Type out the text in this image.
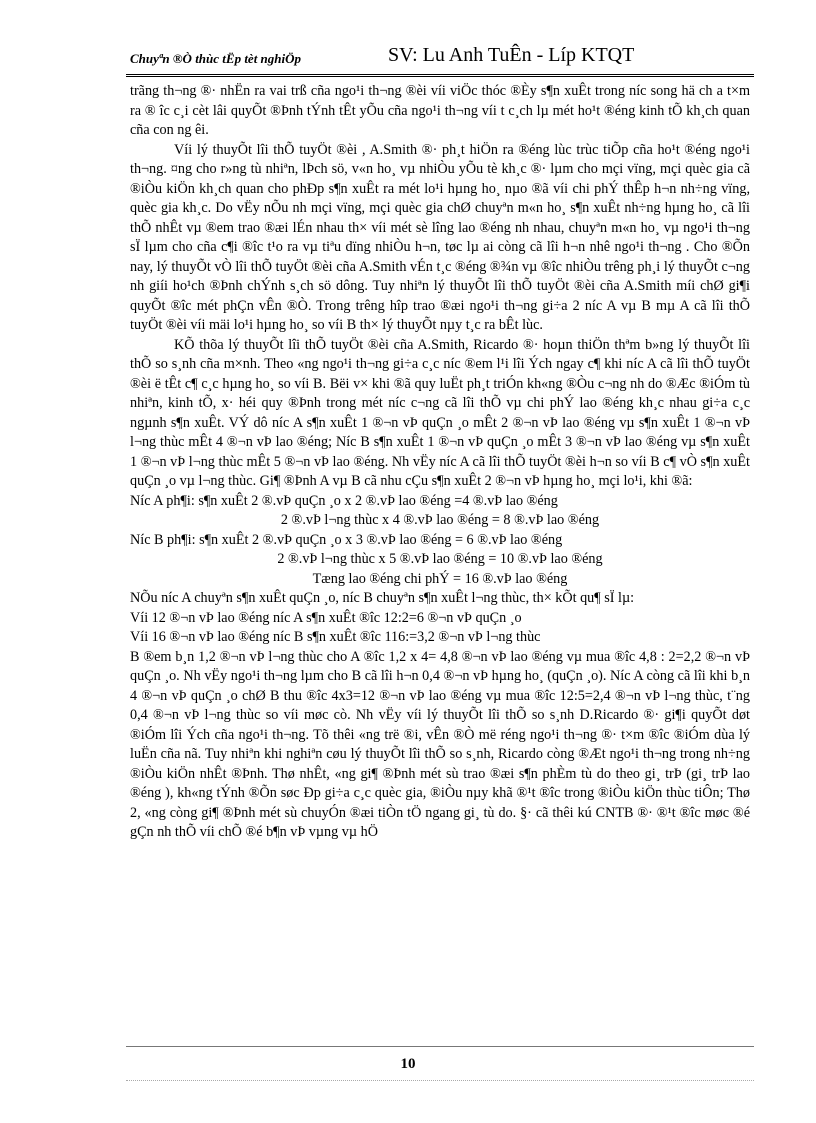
Chuyªn ®Ò thùc tËp tèt nghiÖp	SV: Lu Anh TuÊn - Líp KTQT

trãng th¬ng ®· nhËn ra vai trß cña ngo¹i th¬ng ®èi víi viÖc thóc ®Èy s¶n xuÊt trong níc song hä ch a t×m ra ® îc c¸i cèt lâi quyÕt ®Þnh tÝnh tÊt yÕu cña ngo¹i th¬ng víi t c¸ch lµ mét ho¹t ®éng kinh tÕ kh¸ch quan cña con ng êi.

Víi lý thuyÕt lîi thÕ tuyÖt ®èi , A.Smith ®· ph¸t hiÖn ra ®éng lùc trùc tiÕp cña ho¹t ®éng ngo¹i th¬ng. ¤ng cho r»ng tù nhiªn, lÞch sö, v«n ho¸ vµ nhiÒu yÕu tè kh¸c ®· lµm cho mçi vïng, mçi quèc gia cã ®iÒu kiÖn kh¸ch quan cho phÐp s¶n xuÊt ra mét lo¹i hµng ho¸ nµo ®ã víi chi phÝ thÊp h¬n nh÷ng vïng, quèc gia kh¸c. Do vËy nÕu nh mçi vïng, mçi quèc gia chØ chuyªn m«n ho¸ s¶n xuÊt nh÷ng hµng ho¸ cã lîi thÕ nhÊt vµ ®em trao ®æi lÉn nhau th× víi mét sè lîng lao ®éng nh nhau, chuyªn m«n ho¸ vµ ngo¹i th¬ng sÏ lµm cho cña c¶i ®îc t¹o ra vµ tiªu dïng nhiÒu h¬n, tøc lµ ai còng cã lîi h¬n nhê ngo¹i th¬ng . Cho ®Õn nay, lý thuyÕt vÒ lîi thÕ tuyÖt ®èi cña A.Smith vÉn t¸c ®éng ®¾n vµ ®îc nhiÒu trêng ph¸i lý thuyÕt c¬ng nh giíi ho¹ch ®Þnh chÝnh s¸ch sö dông. Tuy nhiªn lý thuyÕt lîi thÕ tuyÖt ®èi cña A.Smith míi chØ gi¶i quyÕt ®îc mét phÇn vÊn ®Ò. Trong trêng hîp trao ®æi ngo¹i th¬ng gi÷a 2 níc A vµ B mµ A cã lîi thÕ tuyÖt ®èi víi mäi lo¹i hµng ho¸ so víi B th× lý thuyÕt nµy t¸c ra bÊt lùc.

KÕ thõa lý thuyÕt lîi thÕ tuyÖt ®èi cña A.Smith, Ricardo ®· hoµn thiÖn thªm b»ng lý thuyÕt lîi thÕ so s¸nh cña m×nh. Theo «ng ngo¹i th¬ng gi÷a c¸c níc ®em l¹i lîi Ých ngay c¶ khi níc A cã lîi thÕ tuyÖt ®èi ë tÊt c¶ c¸c hµng ho¸ so víi B. Bëi v× khi ®ã quy luËt ph¸t triÓn kh«ng ®Òu c¬ng nh do ®Æc ®iÓm tù nhiªn, kinh tÕ, x· héi quy ®Þnh trong mét níc c¬ng cã lîi thÕ vµ chi phÝ lao ®éng kh¸c nhau gi÷a c¸c ngµnh s¶n xuÊt. VÝ dô níc A s¶n xuÊt 1 ®¬n vÞ quÇn ¸o mÊt 2 ®¬n vÞ lao ®éng vµ s¶n xuÊt 1 ®¬n vÞ l¬ng thùc mÊt 4 ®¬n vÞ lao ®éng; Níc B s¶n xuÊt 1 ®¬n vÞ quÇn ¸o mÊt 3 ®¬n vÞ lao ®éng vµ s¶n xuÊt 1 ®¬n vÞ l¬ng thùc mÊt 5 ®¬n vÞ lao ®éng. Nh vËy níc A cã lîi thÕ tuyÖt ®èi h¬n so víi B c¶ vÒ s¶n xuÊt quÇn ¸o vµ l¬ng thùc. Gi¶ ®Þnh A vµ B cã nhu cÇu s¶n xuÊt 2 ®¬n vÞ hµng ho¸ mçi lo¹i, khi ®ã:

Níc A ph¶i: s¶n xuÊt 2 ®.vÞ quÇn ¸o x 2 ®.vÞ lao ®éng =4 ®.vÞ lao ®éng

2 ®.vÞ l¬ng thùc x 4 ®.vÞ lao ®éng = 8 ®.vÞ lao ®éng

Níc B ph¶i: s¶n xuÊt 2 ®.vÞ quÇn ¸o x 3 ®.vÞ lao ®éng = 6 ®.vÞ lao ®éng

2 ®.vÞ l¬ng thùc x 5 ®.vÞ lao ®éng = 10 ®.vÞ lao ®éng

Tæng lao ®éng chi phÝ = 16 ®.vÞ lao ®éng

NÕu níc A chuyªn s¶n xuÊt quÇn ¸o, níc B chuyªn s¶n xuÊt l¬ng thùc, th× kÕt qu¶ sÏ lµ:

Víi 12 ®¬n vÞ lao ®éng níc A s¶n xuÊt ®îc 12:2=6 ®¬n vÞ quÇn ¸o

Víi 16 ®¬n vÞ lao ®éng níc B s¶n xuÊt ®îc 116:=3,2 ®¬n vÞ l¬ng thùc

B ®em b¸n 1,2 ®¬n vÞ l¬ng thùc cho A ®îc 1,2 x 4= 4,8 ®¬n vÞ lao ®éng vµ mua ®îc 4,8 : 2=2,2 ®¬n vÞ quÇn ¸o. Nh vËy ngo¹i th¬ng lµm cho B cã lîi h¬n 0,4 ®¬n vÞ hµng ho¸ (quÇn ¸o). Níc A còng cã lîi khi b¸n 4 ®¬n vÞ quÇn ¸o chØ B thu ®îc 4x3=12 ®¬n vÞ lao ®éng vµ mua ®îc 12:5=2,4 ®¬n vÞ l¬ng thùc, t¨ng 0,4 ®¬n vÞ l¬ng thùc so víi møc cò. Nh vËy víi lý thuyÕt lîi thÕ so s¸nh D.Ricardo ®· gi¶i quyÕt døt ®iÓm lîi Ých cña ngo¹i th¬ng. Tõ thêi «ng trë ®i, vÊn ®Ò më réng ngo¹i th¬ng ®· t×m ®îc ®iÓm dùa lý luËn cña nã. Tuy nhiªn khi nghiªn cøu lý thuyÕt lîi thÕ so s¸nh, Ricardo còng ®Æt ngo¹i th¬ng trong nh÷ng ®iÒu kiÖn nhÊt ®Þnh. Thø nhÊt, «ng gi¶ ®Þnh mét sù trao ®æi s¶n phÈm tù do theo gi¸ trÞ (gi¸ trÞ lao ®éng ), kh«ng tÝnh ®Õn søc Ðp gi÷a c¸c quèc gia, ®iÒu nµy khã ®¹t ®îc trong ®iÒu kiÖn thùc tiÔn; Thø 2, «ng còng gi¶ ®Þnh mét sù chuyÓn ®æi tiÒn tÖ ngang gi¸ tù do. §· cã thêi kú CNTB ®· ®¹t ®îc møc ®é gÇn nh thÕ víi chÕ ®é b¶n vÞ vµng vµ hÖ

10
